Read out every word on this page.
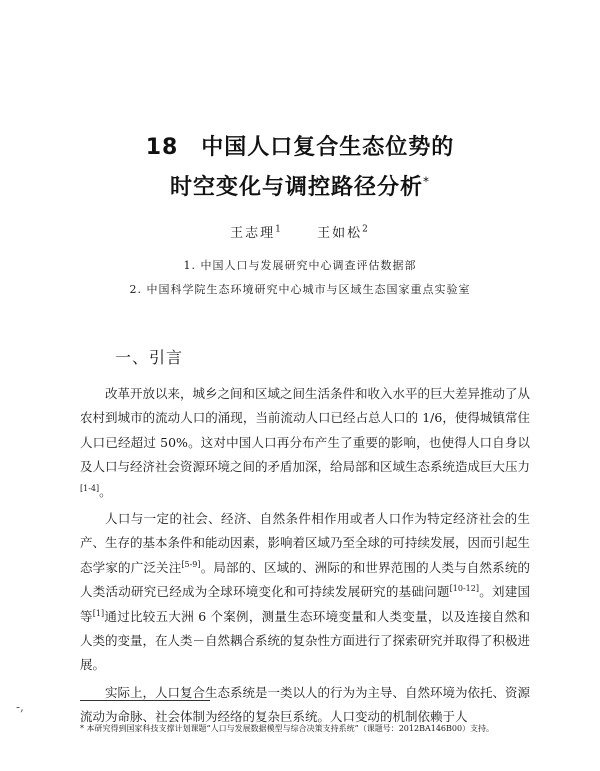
18　中国人口复合生态位势的
时空变化与调控路径分析*
王志理$^1$	王如松$^2$
1. 中国人口与发展研究中心调查评估数据部
2. 中国科学院生态环境研究中心城市与区域生态国家重点实验室
一、引言

改革开放以来，城乡之间和区域之间生活条件和收入水平的巨大差异推动了从农村到城市的流动人口的涌现，当前流动人口已经占总人口的 1/6，使得城镇常住人口已经超过 50%。这对中国人口再分布产生了重要的影响，也使得人口自身以及人口与经济社会资源环境之间的矛盾加深，给局部和区域生态系统造成巨大压力[1-4]。

人口与一定的社会、经济、自然条件相作用或者人口作为特定经济社会的生产、生存的基本条件和能动因素，影响着区域乃至全球的可持续发展，因而引起生态学家的广泛关注[5-9]。局部的、区域的、洲际的和世界范围的人类与自然系统的人类活动研究已经成为全球环境变化和可持续发展研究的基础问题[10-12]。刘建国等[1]通过比较五大洲 6 个案例，测量生态环境变量和人类变量，以及连接自然和人类的变量，在人类－自然耦合系统的复杂性方面进行了探索研究并取得了积极进展。

实际上，人口复合生态系统是一类以人的行为为主导、自然环境为依托、资源流动为命脉、社会体制为经络的复杂巨系统。人口变动的机制依赖于人

-,
* 本研究得到国家科技支撑计划课题“人口与发展数据模型与综合决策支持系统”（课题号：2012BA146B00）支持。
